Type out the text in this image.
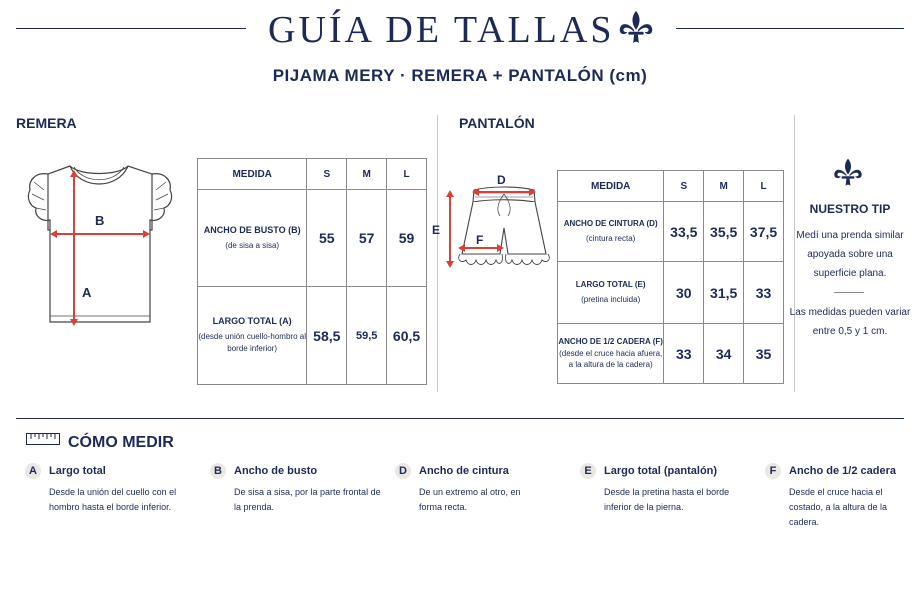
GUÍA DE TALLAS
PIJAMA MERY · REMERA + PANTALÓN (cm)
REMERA
B
A
MEDIDA	S	M	L

ANCHO DE BUSTO (B)
(de sisa a sisa)	55	57	59

LARGO TOTAL (A)
(desde unión cuello-hombro al borde inferior)	58,5	59,5	60,5
PANTALÓN
D
E
F
MEDIDA	S	M	L

ANCHO DE CINTURA (D)
(cintura recta)	33,5	35,5	37,5

LARGO TOTAL (E)
(pretina incluida)	30	31,5	33

ANCHO DE 1/2 CADERA (F)
(desde el cruce hacia afuera, a la altura de la cadera)	33	34	35
NUESTRO TIP
Medí una prenda similar apoyada sobre una superficie plana.
Las medidas pueden variar entre 0,5 y 1 cm.
CÓMO MEDIR
A	Largo total
Desde la unión del cuello con el hombro hasta el borde inferior.
B	Ancho de busto
De sisa a sisa, por la parte frontal de la prenda.
D	Ancho de cintura
De un extremo al otro, en forma recta.
E	Largo total (pantalón)
Desde la pretina hasta el borde inferior de la pierna.
F	Ancho de 1/2 cadera
Desde el cruce hacia el costado, a la altura de la cadera.
